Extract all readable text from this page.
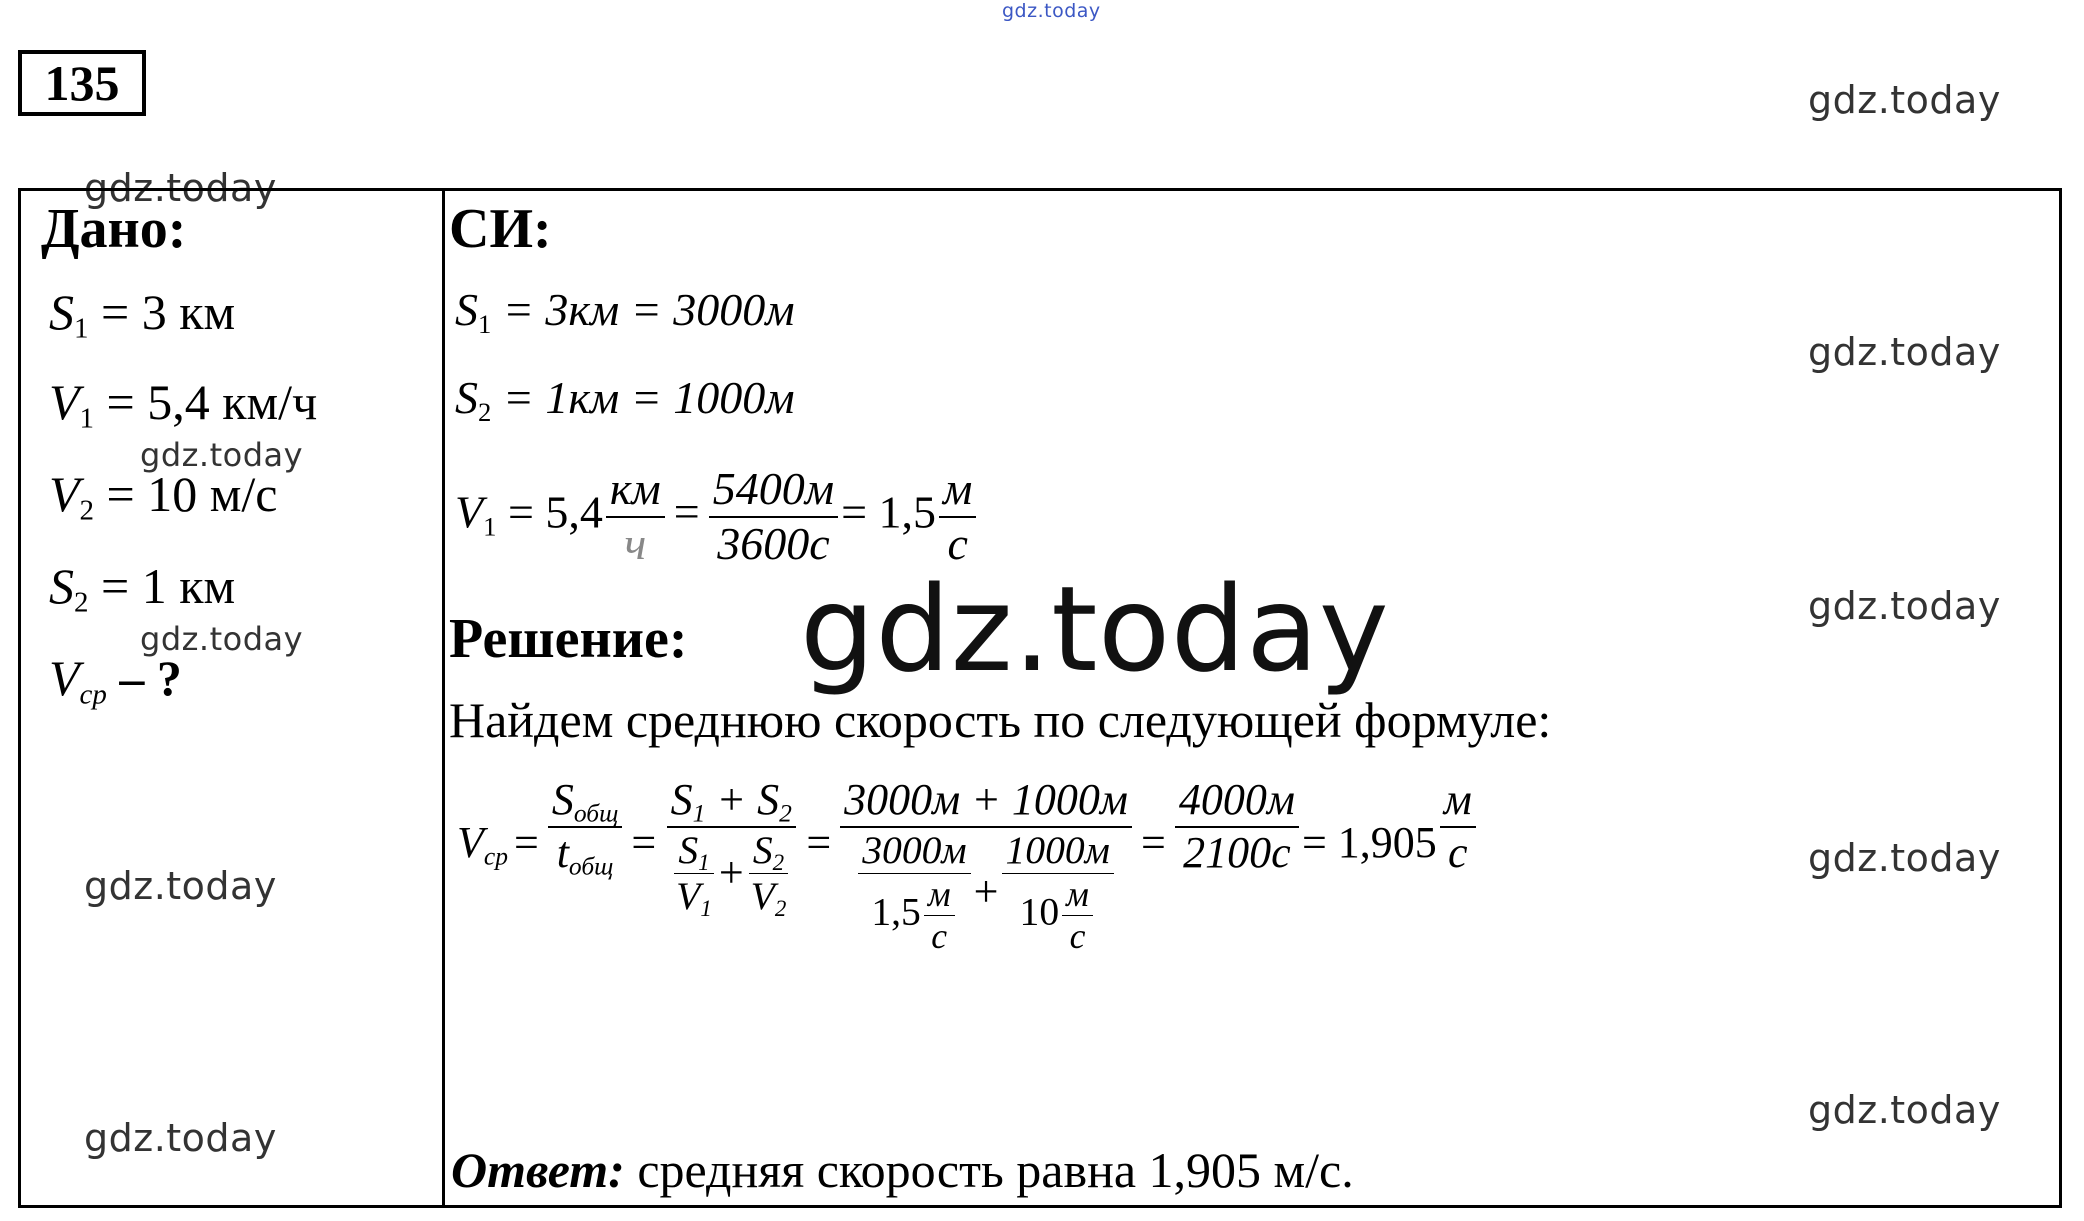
gdz.today
gdz.today
gdz.today
gdz.today
gdz.today
gdz.today
gdz.today
gdz.today
gdz.today
gdz.today
gdz.today
135
Дано:
$S_1 = 3$ км
$V_1 = 5,4$ км/ч
$V_2 = 10$ м/с
$S_2 = 1$ км
$V_{ср}$ – ?
СИ:
$S_1 = 3км = 3000м$
$S_2 = 1км = 1000м$
$V_1 = 5,4 \frac{км}{ч} = \frac{5400м}{3600с} = 1,5 \frac{м}{с}$
Решение:
Найдем среднюю скорость по следующей формуле:
$V_{ср} = \frac{S_{общ}}{t_{общ}} = \frac{S_1 + S_2}{\frac{S_1}{V_1} + \frac{S_2}{V_2}} = \frac{3000м + 1000м}{\frac{3000м}{1,5 \frac{м}{с}} + \frac{1000м}{10 \frac{м}{с}}} = \frac{4000м}{2100с} = 1,905 \frac{м}{с}$
Ответ: средняя скорость равна 1,905 м/с.
gdz.today
